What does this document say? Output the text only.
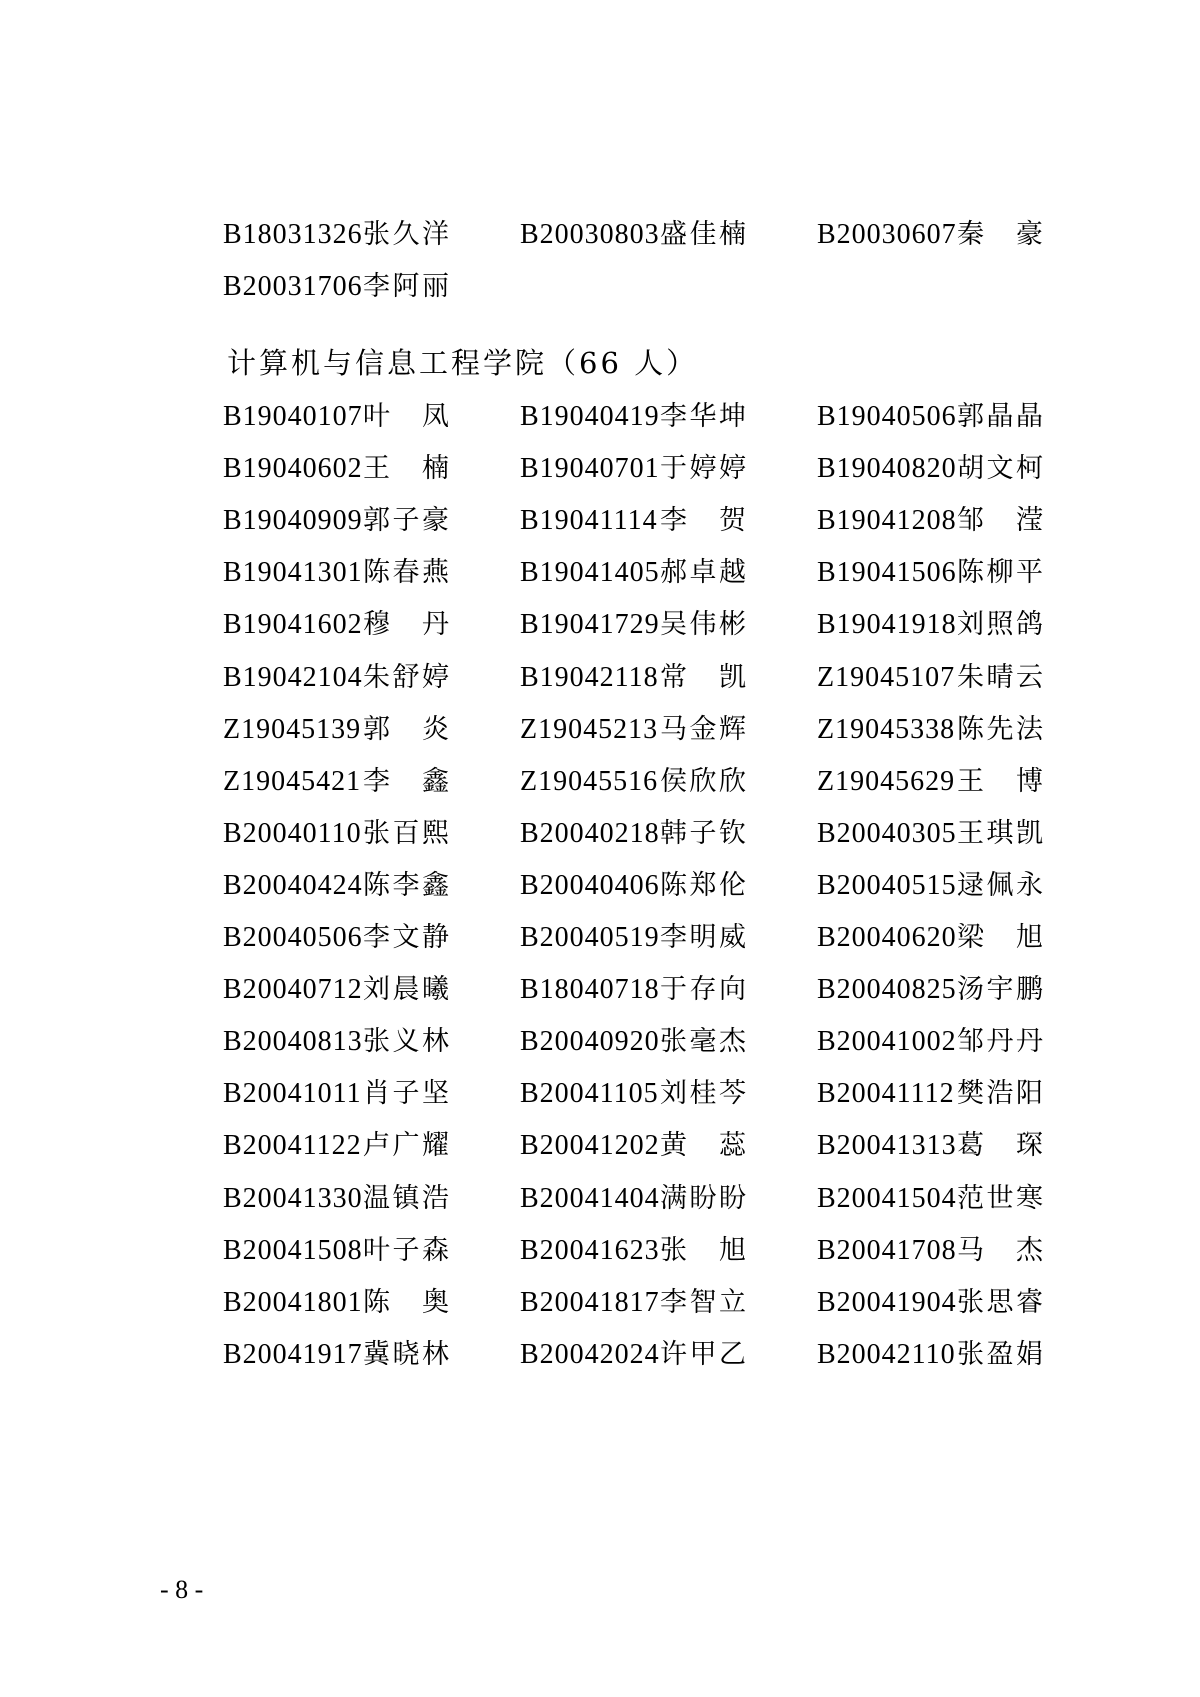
B18031326张久洋 B20030803盛佳楠 B20030607秦　豪
B20031706李阿丽
B19040107叶　凤 B19040419李华坤 B19040506郭晶晶
B19040602王　楠 B19040701于婷婷 B19040820胡文柯
B19040909郭子豪 B19041114李　贺 B19041208邹　滢
B19041301陈春燕 B19041405郝卓越 B19041506陈柳平
B19041602穆　丹 B19041729吴伟彬 B19041918刘照鸽
B19042104朱舒婷 B19042118常　凯 Z19045107朱晴云
Z19045139郭　炎 Z19045213马金辉 Z19045338陈先法
Z19045421李　鑫 Z19045516侯欣欣 Z19045629王　博
B20040110张百熙 B20040218韩子钦 B20040305王琪凯
B20040424陈李鑫 B20040406陈郑伦 B20040515逯佩永
B20040506李文静 B20040519李明威 B20040620梁　旭
B20040712刘晨曦 B18040718于存向 B20040825汤宇鹏
B20040813张义林 B20040920张毫杰 B20041002邹丹丹
B20041011肖子坚 B20041105刘桂芩 B20041112樊浩阳
B20041122卢广耀 B20041202黄　蕊 B20041313葛　琛
B20041330温镇浩 B20041404满盼盼 B20041504范世寒
B20041508叶子森 B20041623张　旭 B20041708马　杰
B20041801陈　奥 B20041817李智立 B20041904张思睿
B20041917冀晓林 B20042024许甲乙 B20042110张盈娟
计算机与信息工程学院（66 人）
- 8 -
